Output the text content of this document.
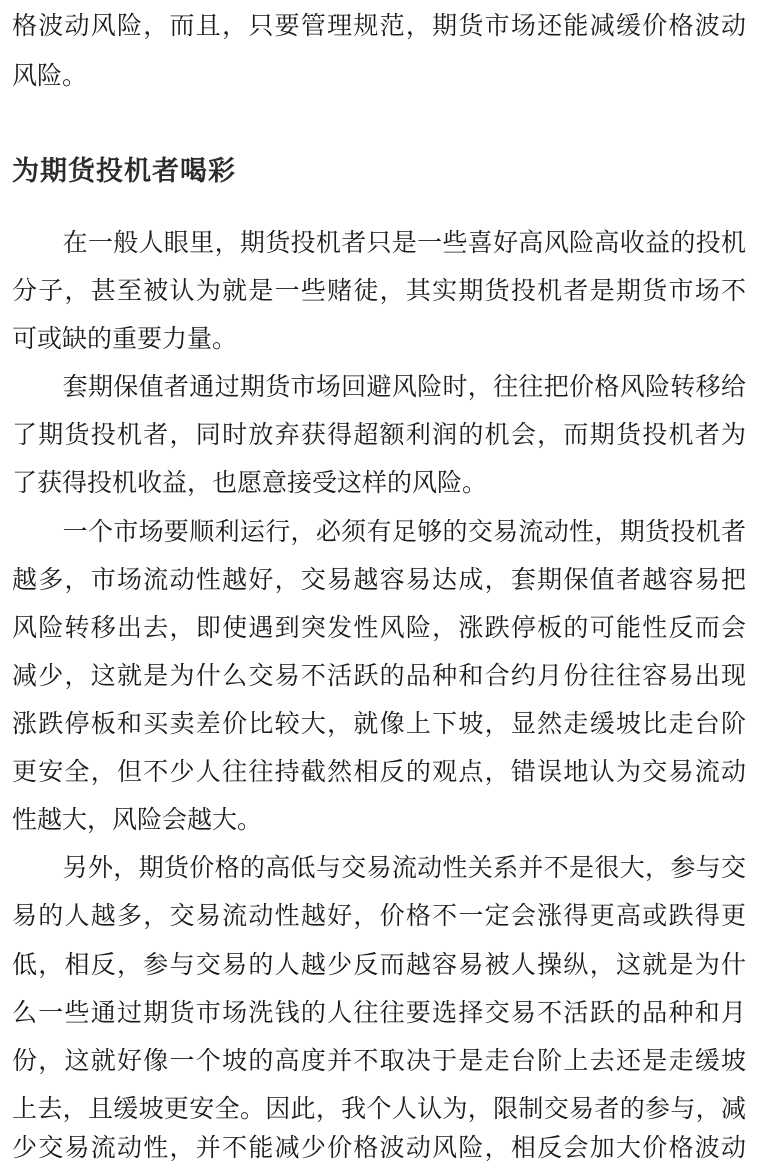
格波动风险，而且，只要管理规范，期货市场还能减缓价格波动
风险。
为期货投机者喝彩
　　在一般人眼里，期货投机者只是一些喜好高风险高收益的投机
分子，甚至被认为就是一些赌徒，其实期货投机者是期货市场不
可或缺的重要力量。
　　套期保值者通过期货市场回避风险时，往往把价格风险转移给
了期货投机者，同时放弃获得超额利润的机会，而期货投机者为
了获得投机收益，也愿意接受这样的风险。
　　一个市场要顺利运行，必须有足够的交易流动性，期货投机者
越多，市场流动性越好，交易越容易达成，套期保值者越容易把
风险转移出去，即使遇到突发性风险，涨跌停板的可能性反而会
减少，这就是为什么交易不活跃的品种和合约月份往往容易出现
涨跌停板和买卖差价比较大，就像上下坡，显然走缓坡比走台阶
更安全，但不少人往往持截然相反的观点，错误地认为交易流动
性越大，风险会越大。
　　另外，期货价格的高低与交易流动性关系并不是很大，参与交
易的人越多，交易流动性越好，价格不一定会涨得更高或跌得更
低，相反，参与交易的人越少反而越容易被人操纵，这就是为什
么一些通过期货市场洗钱的人往往要选择交易不活跃的品种和月
份，这就好像一个坡的高度并不取决于是走台阶上去还是走缓坡
上去，且缓坡更安全。因此，我个人认为，限制交易者的参与，减
少交易流动性，并不能减少价格波动风险，相反会加大价格波动
